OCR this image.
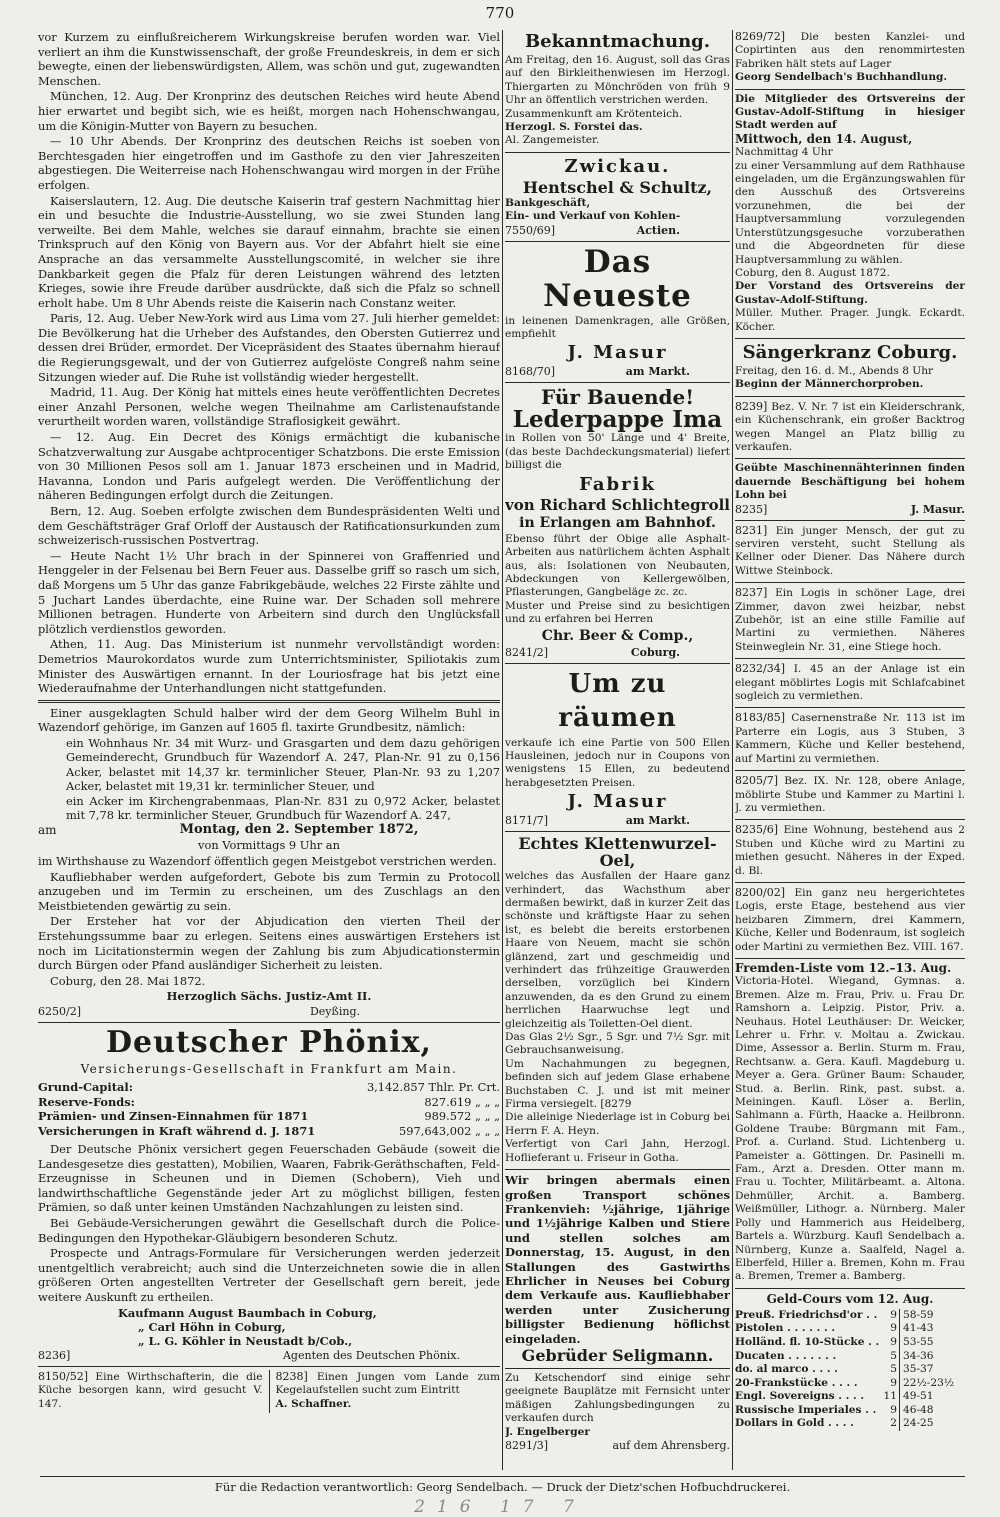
770

vor Kurzem zu einflußreicherem Wirkungskreise berufen worden war. Viel verliert an ihm die Kunstwissenschaft, der große Freundeskreis, in dem er sich bewegte, einen der liebenswürdigsten, Allem, was schön und gut, zugewandten Menschen.

München, 12. Aug. Der Kronprinz des deutschen Reiches wird heute Abend hier erwartet und begibt sich, wie es heißt, morgen nach Hohenschwangau, um die Königin-Mutter von Bayern zu besuchen.

— 10 Uhr Abends. Der Kronprinz des deutschen Reichs ist soeben von Berchtesgaden hier eingetroffen und im Gasthofe zu den vier Jahreszeiten abgestiegen. Die Weiterreise nach Hohenschwangau wird morgen in der Frühe erfolgen.

Kaiserslautern, 12. Aug. Die deutsche Kaiserin traf gestern Nachmittag hier ein und besuchte die Industrie-Ausstellung, wo sie zwei Stunden lang verweilte. Bei dem Mahle, welches sie darauf einnahm, brachte sie einen Trinkspruch auf den König von Bayern aus. Vor der Abfahrt hielt sie eine Ansprache an das versammelte Ausstellungscomité, in welcher sie ihre Dankbarkeit gegen die Pfalz für deren Leistungen während des letzten Krieges, sowie ihre Freude darüber ausdrückte, daß sich die Pfalz so schnell erholt habe. Um 8 Uhr Abends reiste die Kaiserin nach Constanz weiter.

Paris, 12. Aug. Ueber New-York wird aus Lima vom 27. Juli hierher gemeldet: Die Bevölkerung hat die Urheber des Aufstandes, den Obersten Gutierrez und dessen drei Brüder, ermordet. Der Vicepräsident des Staates übernahm hierauf die Regierungsgewalt, und der von Gutierrez aufgelöste Congreß nahm seine Sitzungen wieder auf. Die Ruhe ist vollständig wieder hergestellt.

Madrid, 11. Aug. Der König hat mittels eines heute veröffentlichten Decretes einer Anzahl Personen, welche wegen Theilnahme am Carlistenaufstande verurtheilt worden waren, vollständige Straflosigkeit gewährt.

— 12. Aug. Ein Decret des Königs ermächtigt die kubanische Schatzverwaltung zur Ausgabe achtprocentiger Schatzbons. Die erste Emission von 30 Millionen Pesos soll am 1. Januar 1873 erscheinen und in Madrid, Havanna, London und Paris aufgelegt werden. Die Veröffentlichung der näheren Bedingungen erfolgt durch die Zeitungen.

Bern, 12. Aug. Soeben erfolgte zwischen dem Bundespräsidenten Welti und dem Geschäftsträger Graf Orloff der Austausch der Ratificationsurkunden zum schweizerisch-russischen Postvertrag.

— Heute Nacht 1½ Uhr brach in der Spinnerei von Graffenried und Henggeler in der Felsenau bei Bern Feuer aus. Dasselbe griff so rasch um sich, daß Morgens um 5 Uhr das ganze Fabrikgebäude, welches 22 Firste zählte und 5 Juchart Landes überdachte, eine Ruine war. Der Schaden soll mehrere Millionen betragen. Hunderte von Arbeitern sind durch den Unglücksfall plötzlich verdienstlos geworden.

Athen, 11. Aug. Das Ministerium ist nunmehr vervollständigt worden: Demetrios Maurokordatos wurde zum Unterrichtsminister, Spiliotakis zum Minister des Auswärtigen ernannt. In der Louriosfrage hat bis jetzt eine Wiederaufnahme der Unterhandlungen nicht stattgefunden.

Einer ausgeklagten Schuld halber wird der dem Georg Wilhelm Buhl in Wazendorf gehörige, im Ganzen auf 1605 fl. taxirte Grundbesitz, nämlich:

ein Wohnhaus Nr. 34 mit Wurz- und Grasgarten und dem dazu gehörigen Gemeinderecht, Grundbuch für Wazendorf A. 247, Plan-Nr. 91 zu 0,156 Acker, belastet mit 14,37 kr. terminlicher Steuer, Plan-Nr. 93 zu 1,207 Acker, belastet mit 19,31 kr. terminlicher Steuer, und

ein Acker im Kirchengrabenmaas, Plan-Nr. 831 zu 0,972 Acker, belastet mit 7,78 kr. terminlicher Steuer, Grundbuch für Wazendorf A. 247,

am	Montag, den 2. September 1872,

von Vormittags 9 Uhr an

im Wirthshause zu Wazendorf öffentlich gegen Meistgebot verstrichen werden.

Kaufliebhaber werden aufgefordert, Gebote bis zum Termin zu Protocoll anzugeben und im Termin zu erscheinen, um des Zuschlags an den Meistbietenden gewärtig zu sein.

Der Ersteher hat vor der Abjudication den vierten Theil der Erstehungssumme baar zu erlegen. Seitens eines auswärtigen Erstehers ist noch im Licitationstermin wegen der Zahlung bis zum Abjudicationstermin durch Bürgen oder Pfand ausländiger Sicherheit zu leisten.

Coburg, den 28. Mai 1872.

Herzoglich Sächs. Justiz-Amt II.

6250/2]	Deyßing.
Deutscher Phönix,

Versicherungs-Gesellschaft in Frankfurt am Main.

Grund-Capital:	3,142.857 Thlr. Pr. Crt.
Reserve-Fonds:	827.619 „ „ „
Prämien- und Zinsen-Einnahmen für 1871	989.572 „ „ „
Versicherungen in Kraft während d. J. 1871	597,643,002 „ „ „

Der Deutsche Phönix versichert gegen Feuerschaden Gebäude (soweit die Landesgesetze dies gestatten), Mobilien, Waaren, Fabrik-Geräthschaften, Feld-Erzeugnisse in Scheunen und in Diemen (Schobern), Vieh und landwirthschaftliche Gegenstände jeder Art zu möglichst billigen, festen Prämien, so daß unter keinen Umständen Nachzahlungen zu leisten sind.

Bei Gebäude-Versicherungen gewährt die Gesellschaft durch die Police-Bedingungen den Hypothekar-Gläubigern besonderen Schutz.

Prospecte und Antrags-Formulare für Versicherungen werden jederzeit unentgeltlich verabreicht; auch sind die Unterzeichneten sowie die in allen größeren Orten angestellten Vertreter der Gesellschaft gern bereit, jede weitere Auskunft zu ertheilen.

Kaufmann August Baumbach in Coburg,
„ Carl Höhn in Coburg,
„ L. G. Köhler in Neustadt b/Cob.,
8236]	Agenten des Deutschen Phönix.

8150/52] Eine Wirthschafterin, die die Küche besorgen kann, wird gesucht V. 147.

8238] Einen Jungen vom Lande zum Kegelaufstellen sucht zum Eintritt

A. Schaffner.

Bekanntmachung.

Am Freitag, den 16. August, soll das Gras auf den Birkleithenwiesen im Herzogl. Thiergarten zu Mönchröden von früh 9 Uhr an öffentlich verstrichen werden.

Zusammenkunft am Krötenteich.

Herzogl. S. Forstei das.

Al. Zangemeister.

Zwickau.
Hentschel & Schultz,

Bankgeschäft,

Ein- und Verkauf von Kohlen-

7550/69]	Actien.
Das Neueste

in leinenen Damenkragen, alle Größen, empfiehlt

J. Masur
8168/70]	am Markt.
Für Bauende!
Lederpappe Ima

in Rollen von 50' Länge und 4' Breite, (das beste Dachdeckungsmaterial) liefert billigst die

Fabrik
von Richard Schlichtegroll
in Erlangen am Bahnhof.

Ebenso führt der Obige alle Asphalt-Arbeiten aus natürlichem ächten Asphalt aus, als: Isolationen von Neubauten, Abdeckungen von Kellergewölben, Pflasterungen, Gangbeläge zc. zc.

Muster und Preise sind zu besichtigen und zu erfahren bei Herren

Chr. Beer & Comp.,
8241/2]	Coburg.
Um zu räumen

verkaufe ich eine Partie von 500 Ellen Hausleinen, jedoch nur in Coupons von wenigstens 15 Ellen, zu bedeutend herabgesetzten Preisen.

J. Masur
8171/7]	am Markt.
Echtes Klettenwurzel-Oel,

welches das Ausfallen der Haare ganz verhindert, das Wachsthum aber dermaßen bewirkt, daß in kurzer Zeit das schönste und kräftigste Haar zu sehen ist, es belebt die bereits erstorbenen Haare von Neuem, macht sie schön glänzend, zart und geschmeidig und verhindert das frühzeitige Grauwerden derselben, vorzüglich bei Kindern anzuwenden, da es den Grund zu einem herrlichen Haarwuchse legt und gleichzeitig als Toiletten-Oel dient.

Das Glas 2½ Sgr., 5 Sgr. und 7½ Sgr. mit Gebrauchsanweisung.

Um Nachahmungen zu begegnen, befinden sich auf jedem Glase erhabene Buchstaben C. J. und ist mit meiner Firma versiegelt. [8279

Die alleinige Niederlage ist in Coburg bei Herrn F. A. Heyn.

Verfertigt von Carl Jahn, Herzogl. Hoflieferant u. Friseur in Gotha.

Wir bringen abermals einen großen Transport schönes Frankenvieh: ½jährige, 1jährige und 1½jährige Kalben und Stiere und stellen solches am Donnerstag, 15. August, in den Stallungen des Gastwirths Ehrlicher in Neuses bei Coburg dem Verkaufe aus. Kaufliebhaber werden unter Zusicherung billigster Bedienung höflichst eingeladen.

Gebrüder Seligmann.

Zu Ketschendorf sind einige sehr geeignete Bauplätze mit Fernsicht unter mäßigen Zahlungsbedingungen zu verkaufen durch

J. Engelberger

8291/3]	auf dem Ahrensberg.

8269/72] Die besten Kanzlei- und Copirtinten aus den renommirtesten Fabriken hält stets auf Lager

Georg Sendelbach's Buchhandlung.

Die Mitglieder des Ortsvereins der Gustav-Adolf-Stiftung in hiesiger Stadt werden auf

Mittwoch, den 14. August,

Nachmittag 4 Uhr

zu einer Versammlung auf dem Rathhause eingeladen, um die Ergänzungswahlen für den Ausschuß des Ortsvereins vorzunehmen, die bei der Hauptversammlung vorzulegenden Unterstützungsgesuche vorzuberathen und die Abgeordneten für diese Hauptversammlung zu wählen.

Coburg, den 8. August 1872.

Der Vorstand des Ortsvereins der Gustav-Adolf-Stiftung.

Müller. Muther. Prager. Jungk. Eckardt. Köcher.

Sängerkranz Coburg.

Freitag, den 16. d. M., Abends 8 Uhr

Beginn der Männerchorproben.

8239] Bez. V. Nr. 7 ist ein Kleiderschrank, ein Küchenschrank, ein großer Backtrog wegen Mangel an Platz billig zu verkaufen.

Geübte Maschinennähterinnen finden dauernde Beschäftigung bei hohem Lohn bei

8235]	J. Masur.

8231] Ein junger Mensch, der gut zu serviren versteht, sucht Stellung als Kellner oder Diener. Das Nähere durch Wittwe Steinbock.

8237] Ein Logis in schöner Lage, drei Zimmer, davon zwei heizbar, nebst Zubehör, ist an eine stille Familie auf Martini zu vermiethen. Näheres Steinweglein Nr. 31, eine Stiege hoch.

8232/34] I. 45 an der Anlage ist ein elegant möblirtes Logis mit Schlafcabinet sogleich zu vermiethen.

8183/85] Casernenstraße Nr. 113 ist im Parterre ein Logis, aus 3 Stuben, 3 Kammern, Küche und Keller bestehend, auf Martini zu vermiethen.

8205/7] Bez. IX. Nr. 128, obere Anlage, möblirte Stube und Kammer zu Martini l. J. zu vermiethen.

8235/6] Eine Wohnung, bestehend aus 2 Stuben und Küche wird zu Martini zu miethen gesucht. Näheres in der Exped. d. Bl.

8200/02] Ein ganz neu hergerichtetes Logis, erste Etage, bestehend aus vier heizbaren Zimmern, drei Kammern, Küche, Keller und Bodenraum, ist sogleich oder Martini zu vermiethen Bez. VIII. 167.

Fremden-Liste vom 12.–13. Aug.

Victoria-Hotel. Wiegand, Gymnas. a. Bremen. Alze m. Frau, Priv. u. Frau Dr. Ramshorn a. Leipzig. Pistor, Priv. a. Neuhaus. Hotel Leuthäuser: Dr. Weicker, Lehrer u. Frhr. v. Moltau a. Zwickau. Dime, Assessor a. Berlin. Sturm m. Frau, Rechtsanw. a. Gera. Kaufl. Magdeburg u. Meyer a. Gera. Grüner Baum: Schauder, Stud. a. Berlin. Rink, past. subst. a. Meiningen. Kaufl. Löser a. Berlin, Sahlmann a. Fürth, Haacke a. Heilbronn. Goldene Traube: Bürgmann mit Fam., Prof. a. Curland. Stud. Lichtenberg u. Pameister a. Göttingen. Dr. Pasinelli m. Fam., Arzt a. Dresden. Otter mann m. Frau u. Tochter, Militärbeamt. a. Altona. Dehmüller, Archit. a. Bamberg. Weißmüller, Lithogr. a. Nürnberg. Maler Polly und Hammerich aus Heidelberg, Bartels a. Würzburg. Kaufl Sendelbach a. Nürnberg, Kunze a. Saalfeld, Nagel a. Elberfeld, Hiller a. Bremen, Kohn m. Frau a. Bremen, Tremer a. Bamberg.

Geld-Cours vom 12. Aug.

Preuß. Friedrichsd'or . .	9 58-59
Pistolen . . . . . . .	9 41-43
Holländ. fl. 10-Stücke . .	9 53-55
Ducaten . . . . . . .	5 34-36
do. al marco . . . .	5 35-37
20-Frankstücke . . . .	9 22½-23½
Engl. Sovereigns . . . . 11 49-51
Russische Imperiales . .	9 46-48
Dollars in Gold . . . .	2 24-25
Für die Redaction verantwortlich: Georg Sendelbach. — Druck der Dietz'schen Hofbuchdruckerei.
216 17 7
